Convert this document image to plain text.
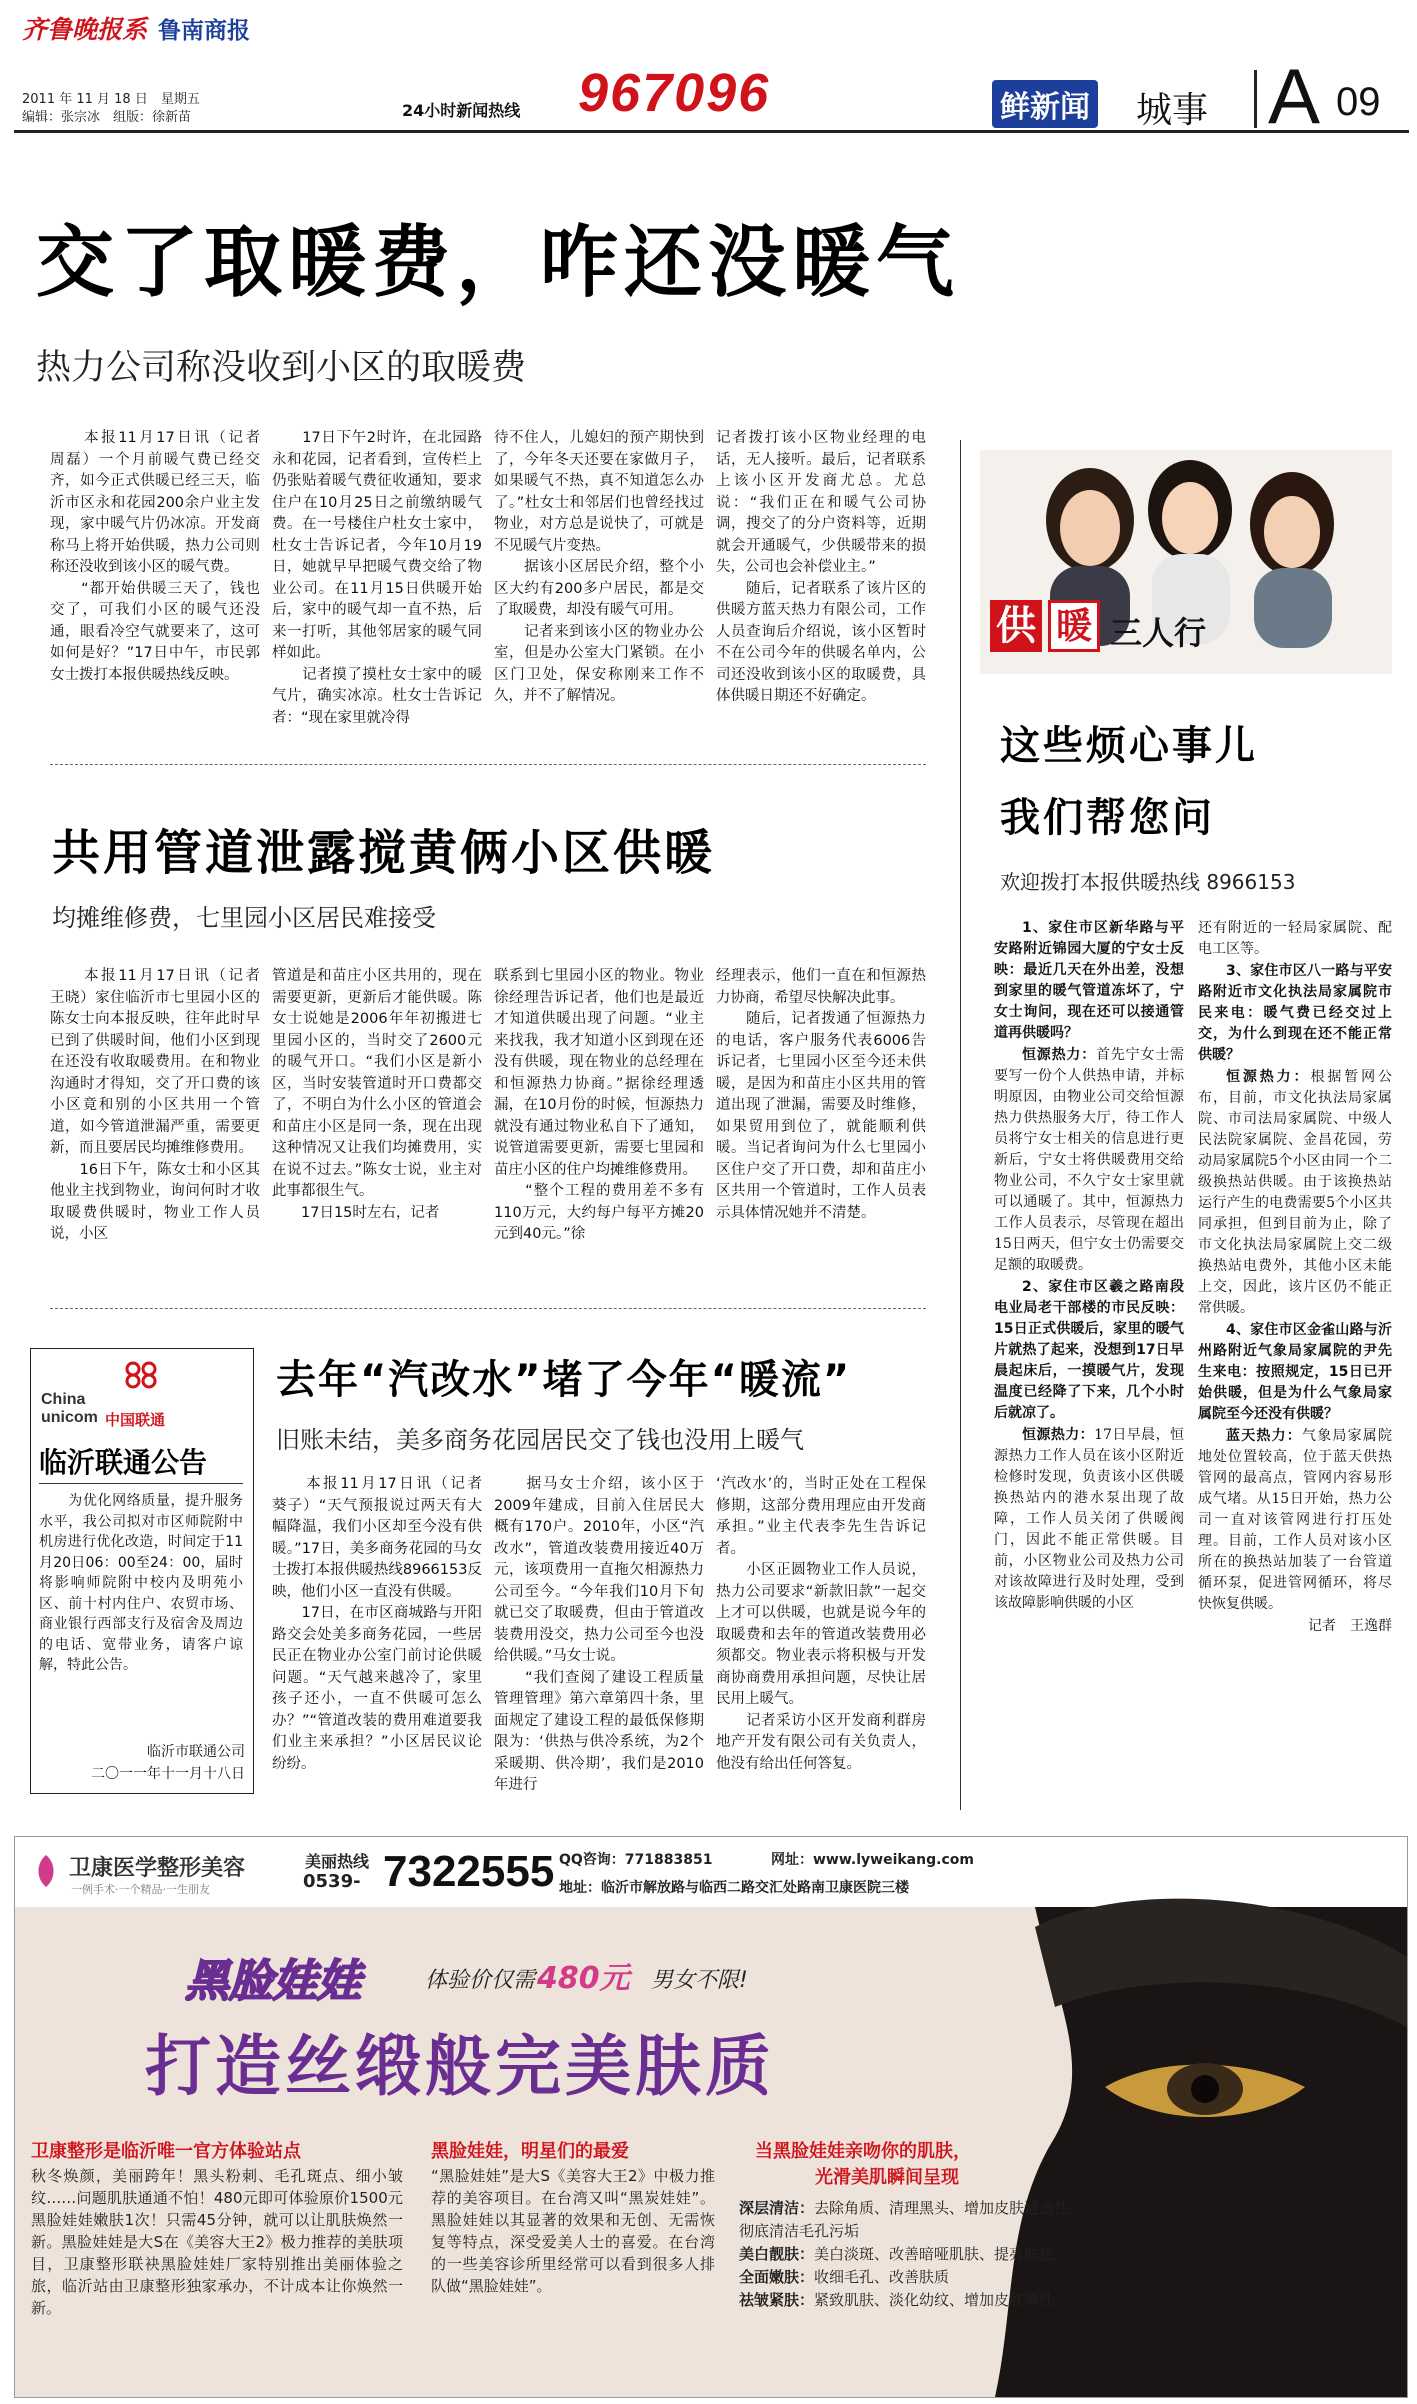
齐鲁晚报系 鲁南商报
2011 年 11 月 18 日　星期五
编辑：张宗冰　组版：徐新苗	24小时新闻热线 967096	鲜新闻 城事 A 09
交了取暖费，咋还没暖气
热力公司称没收到小区的取暖费
　　本报11月17日讯（记者　周磊）一个月前暖气费已经交齐，如今正式供暖已经三天，临沂市区永和花园200余户业主发现，家中暖气片仍冰凉。开发商称马上将开始供暖，热力公司则称还没收到该小区的暖气费。
　　“都开始供暖三天了，钱也交了，可我们小区的暖气还没通，眼看冷空气就要来了，这可如何是好？”17日中午，市民郭女士拨打本报供暖热线反映。
　　17日下午2时许，在北园路永和花园，记者看到，宣传栏上仍张贴着暖气费征收通知，要求住户在10月25日之前缴纳暖气费。在一号楼住户杜女士家中，杜女士告诉记者，今年10月19日，她就早早把暖气费交给了物业公司。在11月15日供暖开始后，家中的暖气却一直不热，后来一打听，其他邻居家的暖气同样如此。
　　记者摸了摸杜女士家中的暖气片，确实冰凉。杜女士告诉记者：“现在家里就冷得
待不住人，儿媳妇的预产期快到了，今年冬天还要在家做月子，如果暖气不热，真不知道怎么办了。”杜女士和邻居们也曾经找过物业，对方总是说快了，可就是不见暖气片变热。
　　据该小区居民介绍，整个小区大约有200多户居民，都是交了取暖费，却没有暖气可用。
　　记者来到该小区的物业办公室，但是办公室大门紧锁。在小区门卫处，保安称刚来工作不久，并不了解情况。
记者拨打该小区物业经理的电话，无人接听。最后，记者联系上该小区开发商尤总。尤总说：“我们正在和暖气公司协调，搜交了的分户资料等，近期就会开通暖气，少供暖带来的损失，公司也会补偿业主。”
　　随后，记者联系了该片区的供暖方蓝天热力有限公司，工作人员查询后介绍说，该小区暂时不在公司今年的供暖名单内，公司还没收到该小区的取暖费，具体供暖日期还不好确定。
共用管道泄露搅黄俩小区供暖
均摊维修费，七里园小区居民难接受
　　本报11月17日讯（记者　王晓）家住临沂市七里园小区的陈女士向本报反映，往年此时早已到了供暖时间，他们小区到现在还没有收取暖费用。在和物业沟通时才得知，交了开口费的该小区竟和别的小区共用一个管道，如今管道泄漏严重，需要更新，而且要居民均摊维修费用。
　　16日下午，陈女士和小区其他业主找到物业，询问何时才收取暖费供暖时，物业工作人员说，小区
管道是和苗庄小区共用的，现在需要更新，更新后才能供暖。陈女士说她是2006年年初搬进七里园小区的，当时交了2600元的暖气开口。“我们小区是新小区，当时安装管道时开口费都交了，不明白为什么小区的管道会和苗庄小区是同一条，现在出现这种情况又让我们均摊费用，实在说不过去。”陈女士说，业主对此事都很生气。
　　17日15时左右，记者
联系到七里园小区的物业。物业徐经理告诉记者，他们也是最近才知道供暖出现了问题。“业主来找我，我才知道小区到现在还没有供暖，现在物业的总经理在和恒源热力协商。”据徐经理透漏，在10月份的时候，恒源热力就没有通过物业私自下了通知，说管道需要更新，需要七里园和苗庄小区的住户均摊维修费用。
　　“整个工程的费用差不多有110万元，大约每户每平方摊20元到40元。”徐
经理表示，他们一直在和恒源热力协商，希望尽快解决此事。
　　随后，记者拨通了恒源热力的电话，客户服务代表6006告诉记者，七里园小区至今还未供暖，是因为和苗庄小区共用的管道出现了泄漏，需要及时维修，如果贸用到位了，就能顺利供暖。当记者询问为什么七里园小区住户交了开口费，却和苗庄小区共用一个管道时，工作人员表示具体情况她并不清楚。
China
unicom 中国联通
临沂联通公告
　　为优化网络质量，提升服务水平，我公司拟对市区师院附中机房进行优化改造，时间定于11月20日06：00至24：00，届时将影响师院附中校内及明苑小区、前十村内住户、农贸市场、商业银行西部支行及宿舍及周边的电话、宽带业务，请客户谅解，特此公告。
临沂市联通公司
二〇一一年十一月十八日
去年“汽改水”堵了今年“暖流”
旧账未结，美多商务花园居民交了钱也没用上暖气
　　本报11月17日讯（记者　葵子）“天气预报说过两天有大幅降温，我们小区却至今没有供暖。”17日，美多商务花园的马女士拨打本报供暖热线8966153反映，他们小区一直没有供暖。
　　17日，在市区商城路与开阳路交会处美多商务花园，一些居民正在物业办公室门前讨论供暖问题。“天气越来越冷了，家里孩子还小，一直不供暖可怎么办？”“管道改装的费用难道要我们业主来承担？”小区居民议论纷纷。
　　据马女士介绍，该小区于2009年建成，目前入住居民大概有170户。2010年，小区“汽改水”，管道改装费用接近40万元，该项费用一直拖欠相源热力公司至今。“今年我们10月下旬就已交了取暖费，但由于管道改装费用没交，热力公司至今也没给供暖。”马女士说。
　　“我们查阅了建设工程质量管理管理》第六章第四十条，里面规定了建设工程的最低保修期限为：‘供热与供冷系统，为2个采暖期、供冷期’，我们是2010年进行
‘汽改水’的，当时正处在工程保修期，这部分费用理应由开发商承担。”业主代表李先生告诉记者。
　　小区正圆物业工作人员说，热力公司要求“新款旧款”一起交上才可以供暖，也就是说今年的取暖费和去年的管道改装费用必须都交。物业表示将积极与开发商协商费用承担问题，尽快让居民用上暖气。
　　记者采访小区开发商利群房地产开发有限公司有关负责人，他没有给出任何答复。
供 暖 三人行
这些烦心事儿
我们帮您问
欢迎拨打本报供暖热线 8966153

1、家住市区新华路与平安路附近锦园大厦的宁女士反映：最近几天在外出差，没想到家里的暖气管道冻坏了，宁女士询问，现在还可以接通管道再供暖吗？

恒源热力：首先宁女士需要写一份个人供热申请，并标明原因，由物业公司交给恒源热力供热服务大厅，待工作人员将宁女士相关的信息进行更新后，宁女士将供暖费用交给物业公司，不久宁女士家里就可以通暖了。其中，恒源热力工作人员表示，尽管现在超出15日两天，但宁女士仍需要交足额的取暖费。

2、家住市区羲之路南段电业局老干部楼的市民反映：15日正式供暖后，家里的暖气片就热了起来，没想到17日早晨起床后，一摸暖气片，发现温度已经降了下来，几个小时后就凉了。

恒源热力：17日早晨，恒源热力工作人员在该小区附近检修时发现，负责该小区供暖换热站内的港水泵出现了故障，工作人员关闭了供暖阀门，因此不能正常供暖。目前，小区物业公司及热力公司对该故障进行及时处理，受到该故障影响供暖的小区

还有附近的一轻局家属院、配电工区等。

3、家住市区八一路与平安路附近市文化执法局家属院市民来电：暖气费已经交过上交，为什么到现在还不能正常供暖？

恒源热力：根据暂网公布，目前，市文化执法局家属院、市司法局家属院、中级人民法院家属院、金昌花园，劳动局家属院5个小区由同一个二级换热站供暖。由于该换热站运行产生的电费需要5个小区共同承担，但到目前为止，除了市文化执法局家属院上交二级换热站电费外，其他小区未能上交，因此，该片区仍不能正常供暖。

4、家住市区金雀山路与沂州路附近气象局家属院的尹先生来电：按照规定，15日已开始供暖，但是为什么气象局家属院至今还没有供暖？

蓝天热力：气象局家属院地处位置较高，位于蓝天供热管网的最高点，管网内容易形成气堵。从15日开始，热力公司一直对该管网进行打压处理。目前，工作人员对该小区所在的换热站加装了一台管道循环泵，促进管网循环，将尽快恢复供暖。

记者　王逸群

卫康医学整形美容
一例手术·一个精品·一生朋友
美丽热线
0539- 7322555 QQ咨询：771883851	网址：www.lyweikang.com
地址：临沂市解放路与临西二路交汇处路南卫康医院三楼
黑脸娃娃	体验价仅需 480元 男女不限!
打造丝缎般完美肤质
卫康整形是临沂唯一官方体验站点
秋冬焕颜，美丽跨年！黑头粉刺、毛孔斑点、细小皱纹……问题肌肤通通不怕！480元即可体验原价1500元黑脸娃娃嫩肤1次！只需45分钟，就可以让肌肤焕然一新。黑脸娃娃是大S在《美容大王2》极力推荐的美肤项目，卫康整形联袂黑脸娃娃厂家特别推出美丽体验之旅，临沂站由卫康整形独家承办，不计成本让你焕然一新。
黑脸娃娃，明星们的最爱
“黑脸娃娃”是大S《美容大王2》中极力推荐的美容项目。在台湾又叫“黑炭娃娃”。黑脸娃娃以其显著的效果和无创、无需恢复等特点，深受爱美人士的喜爱。在台湾的一些美容诊所里经常可以看到很多人排队做“黑脸娃娃”。
当黑脸娃娃亲吻你的肌肤，
光滑美肌瞬间呈现
深层清洁：去除角质、清理黑头、增加皮肤通透性、彻底清洁毛孔污垢
美白靓肤：美白淡斑、改善暗哑肌肤、提亮肤色
全面嫩肤：收细毛孔、改善肤质
祛皱紧肤：紧致肌肤、淡化幼纹、增加皮肤弹性
